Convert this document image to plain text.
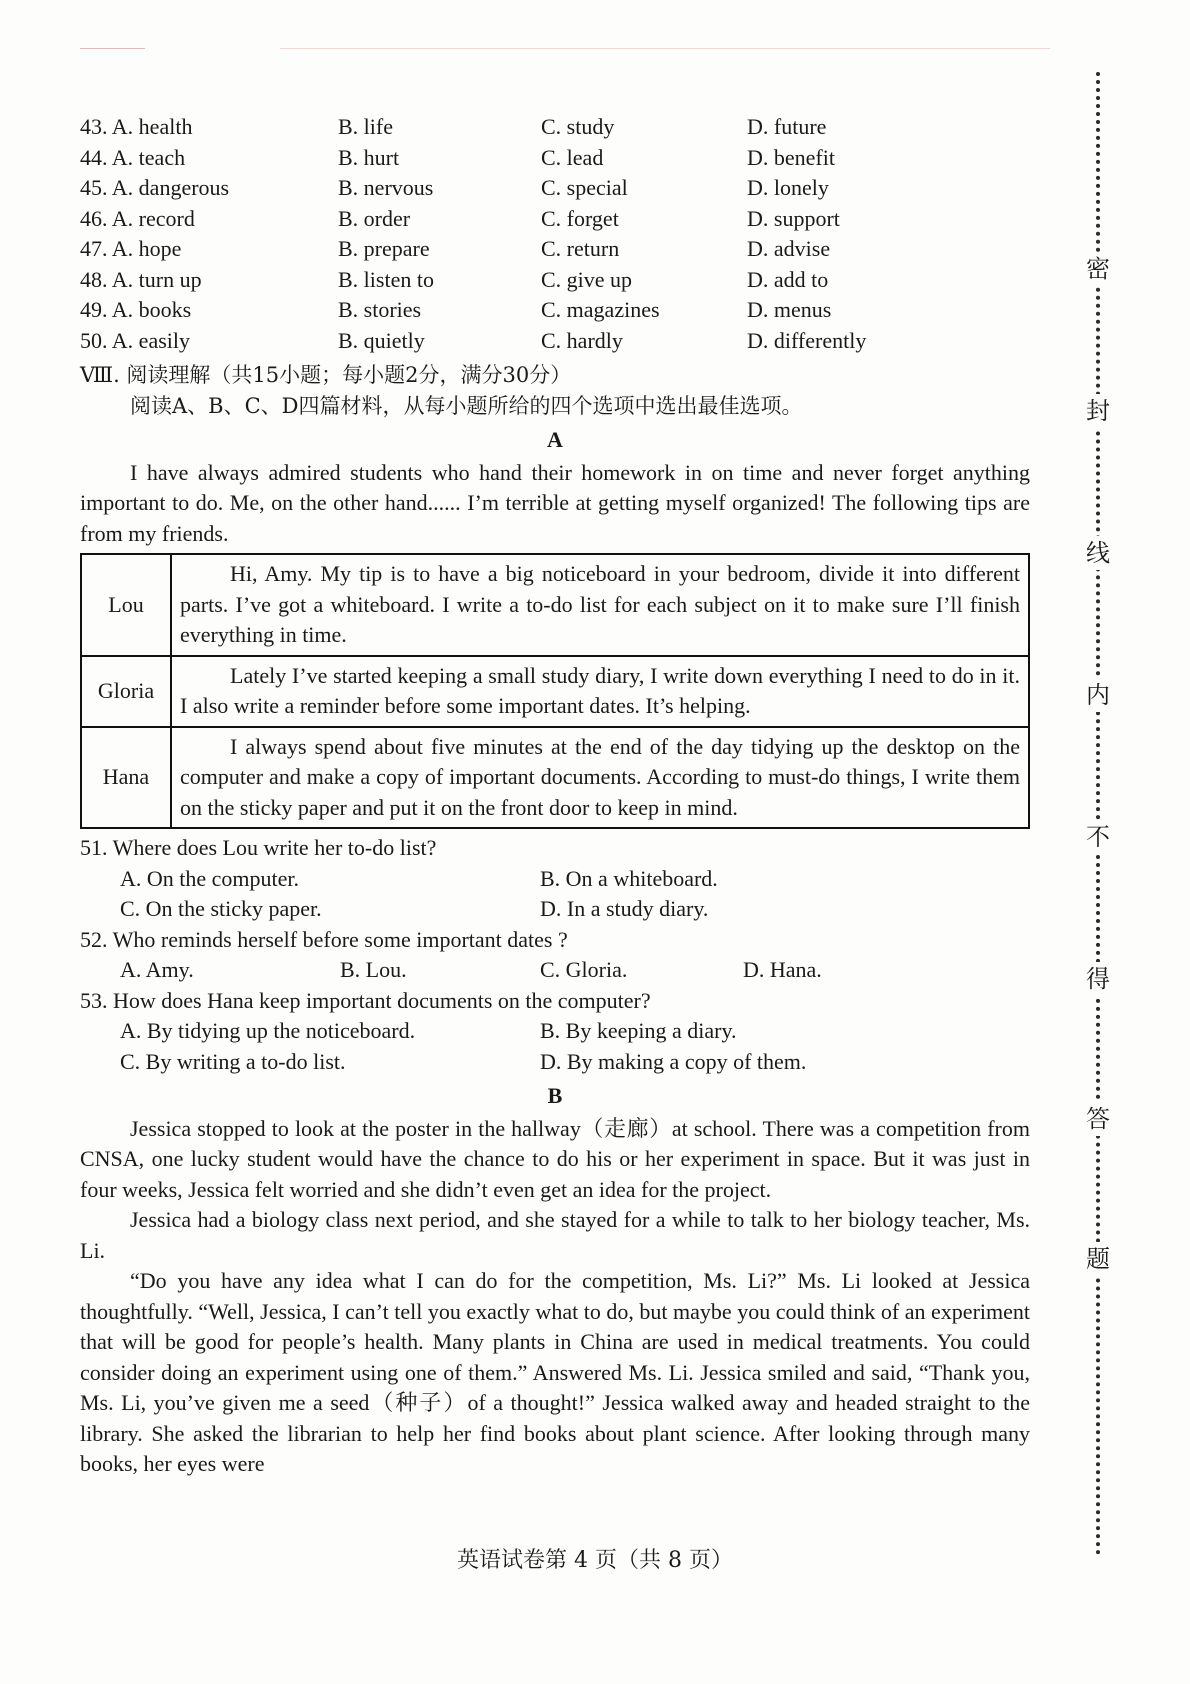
密
封
线
内
不
得
答
题
43. A. health	B. life	C. study	D. future
44. A. teach	B. hurt	C. lead	D. benefit
45. A. dangerous	B. nervous	C. special	D. lonely
46. A. record	B. order	C. forget	D. support
47. A. hope	B. prepare	C. return	D. advise
48. A. turn up	B. listen to	C. give up	D. add to
49. A. books	B. stories	C. magazines	D. menus
50. A. easily	B. quietly	C. hardly	D. differently
Ⅷ. 阅读理解（共15小题；每小题2分，满分30分）
阅读A、B、C、D四篇材料，从每小题所给的四个选项中选出最佳选项。
A

I have always admired students who hand their homework in on time and never forget anything important to do. Me, on the other hand...... I’m terrible at getting myself organized! The following tips are from my friends.

Lou	Hi, Amy. My tip is to have a big noticeboard in your bedroom, divide it into different parts. I’ve got a whiteboard. I write a to-do list for each subject on it to make sure I’ll finish everything in time.
Gloria	Lately I’ve started keeping a small study diary, I write down everything I need to do in it. I also write a reminder before some important dates. It’s helping.
Hana	I always spend about five minutes at the end of the day tidying up the desktop on the computer and make a copy of important documents. According to must-do things, I write them on the sticky paper and put it on the front door to keep in mind.
51. Where does Lou write her to-do list?
A. On the computer.	B. On a whiteboard.
C. On the sticky paper.	D. In a study diary.
52. Who reminds herself before some important dates ?
A. Amy.	B. Lou.	C. Gloria.	D. Hana.
53. How does Hana keep important documents on the computer?
A. By tidying up the noticeboard.	B. By keeping a diary.
C. By writing a to-do list.	D. By making a copy of them.
B

Jessica stopped to look at the poster in the hallway（走廊）at school. There was a competition from CNSA, one lucky student would have the chance to do his or her experiment in space. But it was just in four weeks, Jessica felt worried and she didn’t even get an idea for the project.

Jessica had a biology class next period, and she stayed for a while to talk to her biology teacher, Ms. Li.

“Do you have any idea what I can do for the competition, Ms. Li?” Ms. Li looked at Jessica thoughtfully. “Well, Jessica, I can’t tell you exactly what to do, but maybe you could think of an experiment that will be good for people’s health. Many plants in China are used in medical treatments. You could consider doing an experiment using one of them.” Answered Ms. Li. Jessica smiled and said, “Thank you, Ms. Li, you’ve given me a seed（种子）of a thought!” Jessica walked away and headed straight to the library. She asked the librarian to help her find books about plant science. After looking through many books, her eyes were

英语试卷第 4 页（共 8 页）
